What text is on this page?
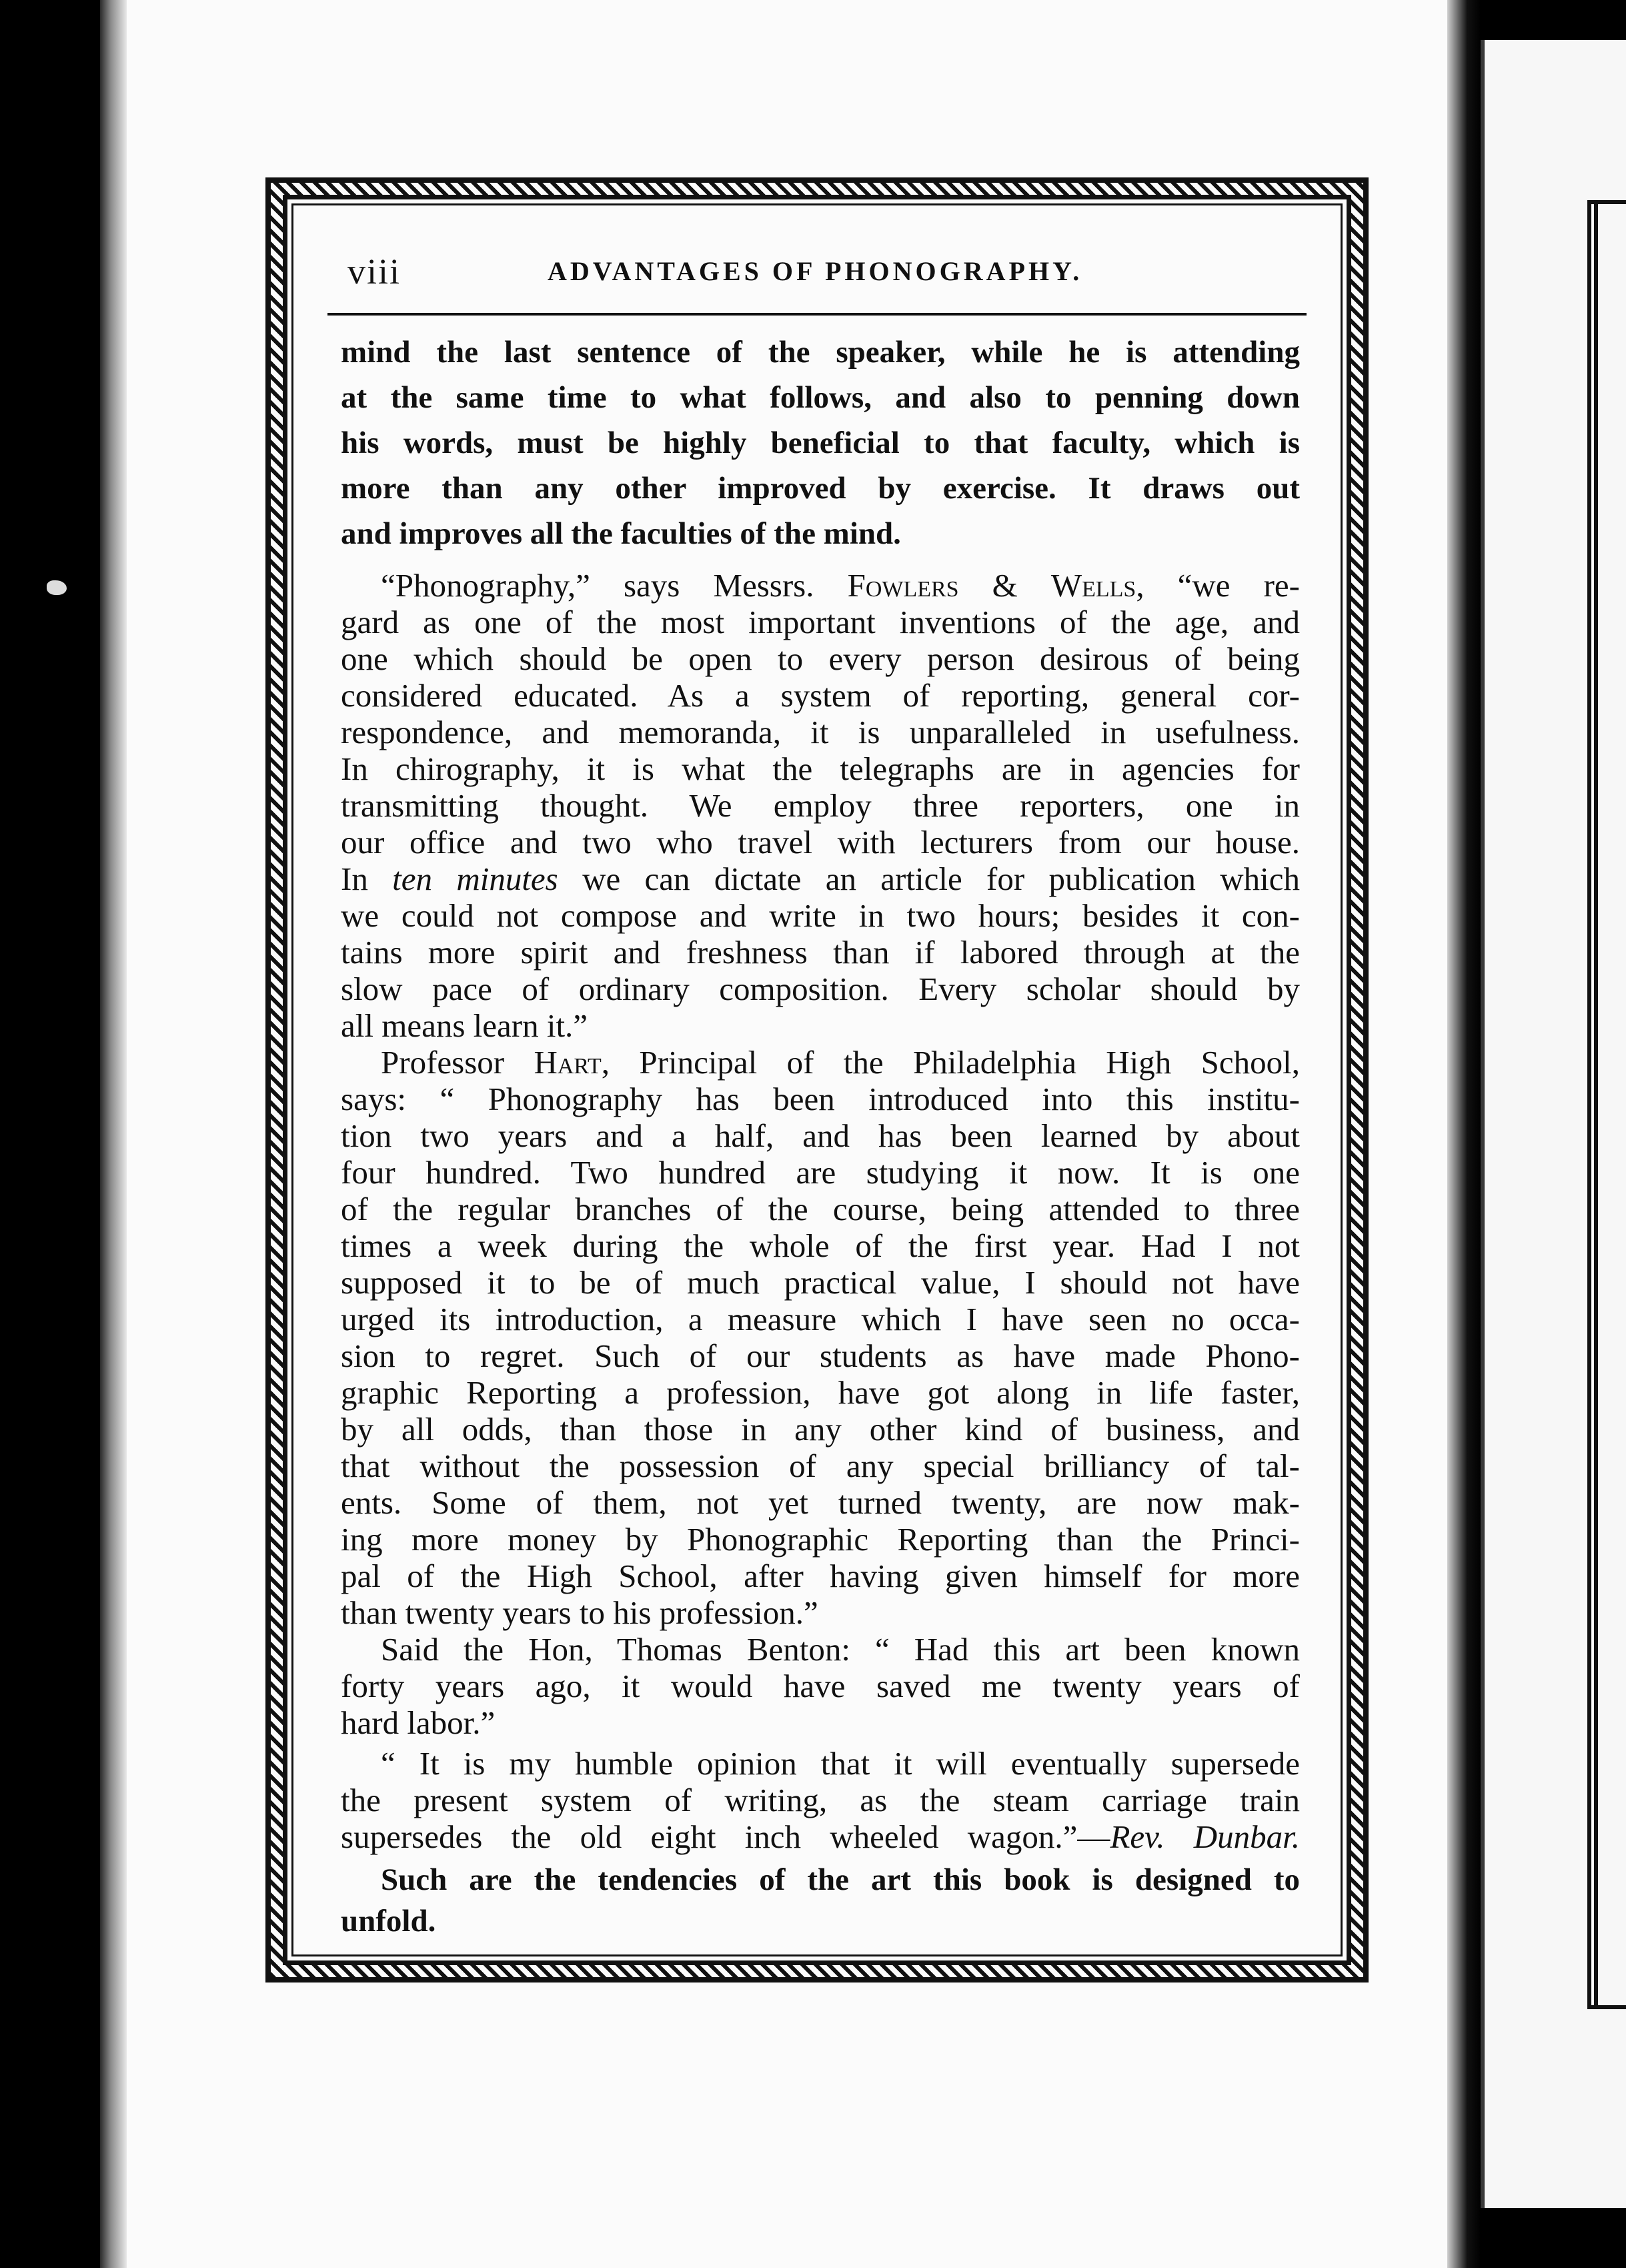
viii	ADVANTAGES OF PHONOGRAPHY.

mind the last sentence of the speaker, while he is attending
at the same time to what follows, and also to penning down
his words, must be highly beneficial to that faculty, which is
more than any other improved by exercise. It draws out
and improves all the faculties of the mind.

“Phonography,” says Messrs. Fowlers & Wells, “we re-
gard as one of the most important inventions of the age, and
one which should be open to every person desirous of being
considered educated. As a system of reporting, general cor-
respondence, and memoranda, it is unparalleled in usefulness.
In chirography, it is what the telegraphs are in agencies for
transmitting thought. We employ three reporters, one in
our office and two who travel with lecturers from our house.
In ten minutes we can dictate an article for publication which
we could not compose and write in two hours; besides it con-
tains more spirit and freshness than if labored through at the
slow pace of ordinary composition. Every scholar should by
all means learn it.”

Professor Hart, Principal of the Philadelphia High School,
says: “ Phonography has been introduced into this institu-
tion two years and a half, and has been learned by about
four hundred. Two hundred are studying it now. It is one
of the regular branches of the course, being attended to three
times a week during the whole of the first year. Had I not
supposed it to be of much practical value, I should not have
urged its introduction, a measure which I have seen no occa-
sion to regret. Such of our students as have made Phono-
graphic Reporting a profession, have got along in life faster,
by all odds, than those in any other kind of business, and
that without the possession of any special brilliancy of tal-
ents. Some of them, not yet turned twenty, are now mak-
ing more money by Phonographic Reporting than the Princi-
pal of the High School, after having given himself for more
than twenty years to his profession.”

Said the Hon, Thomas Benton: “ Had this art been known
forty years ago, it would have saved me twenty years of
hard labor.”

“ It is my humble opinion that it will eventually supersede
the present system of writing, as the steam carriage train
supersedes the old eight inch wheeled wagon.”—Rev. Dunbar.

Such are the tendencies of the art this book is designed to
unfold.
